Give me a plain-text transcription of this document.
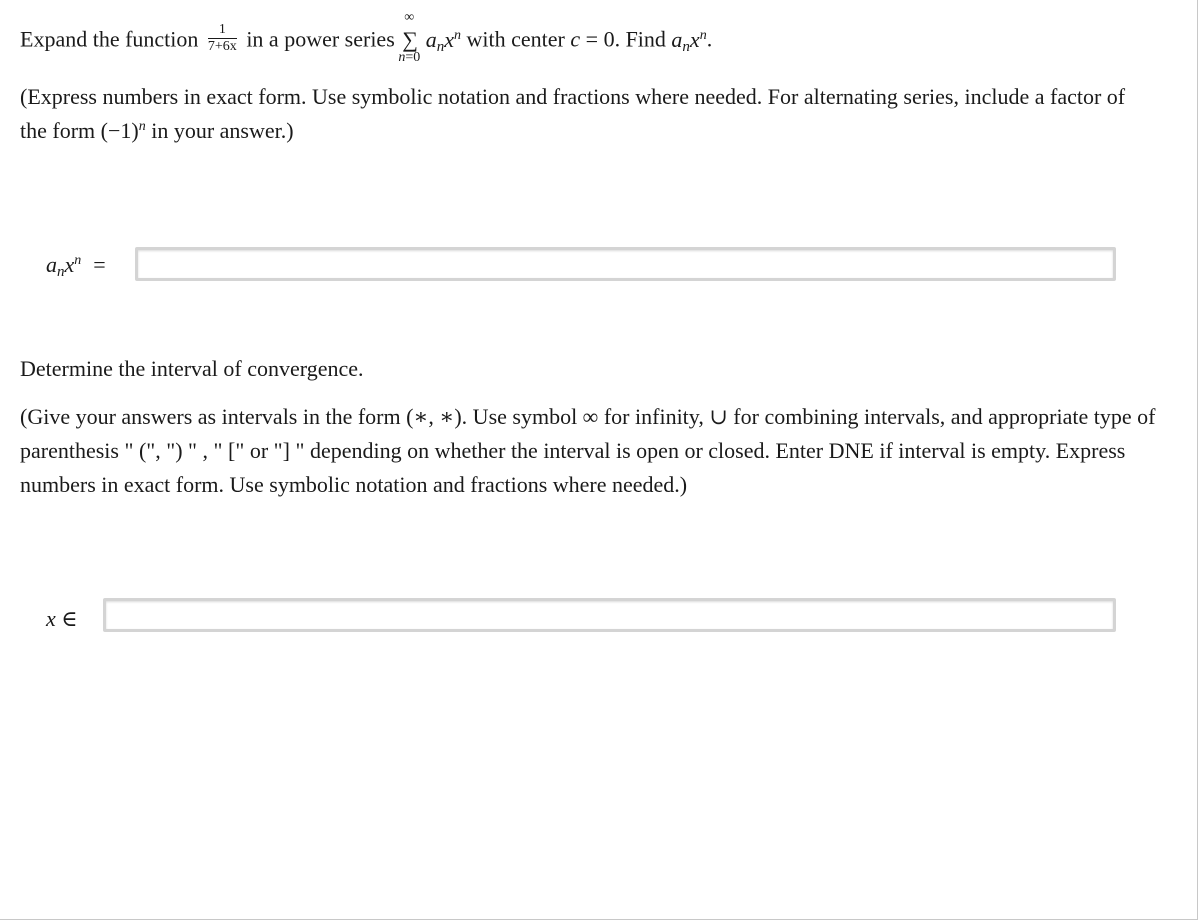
Expand the function $\frac{1}{7+6x}$ in a power series
∞
∑
n=0
$a_nx^n$ with center c = 0. Find $a_nx^n$.
(Express numbers in exact form. Use symbolic notation and fractions where needed. For alternating series, include a factor of
the form $(-1)^n$ in your answer.)
$a_nx^n$ =
Determine the interval of convergence.
(Give your answers as intervals in the form (∗, ∗). Use symbol ∞ for infinity, ∪ for combining intervals, and appropriate type of
parenthesis " (", ") " , " [" or "] " depending on whether the interval is open or closed. Enter DNE if interval is empty. Express
numbers in exact form. Use symbolic notation and fractions where needed.)
x ∈
